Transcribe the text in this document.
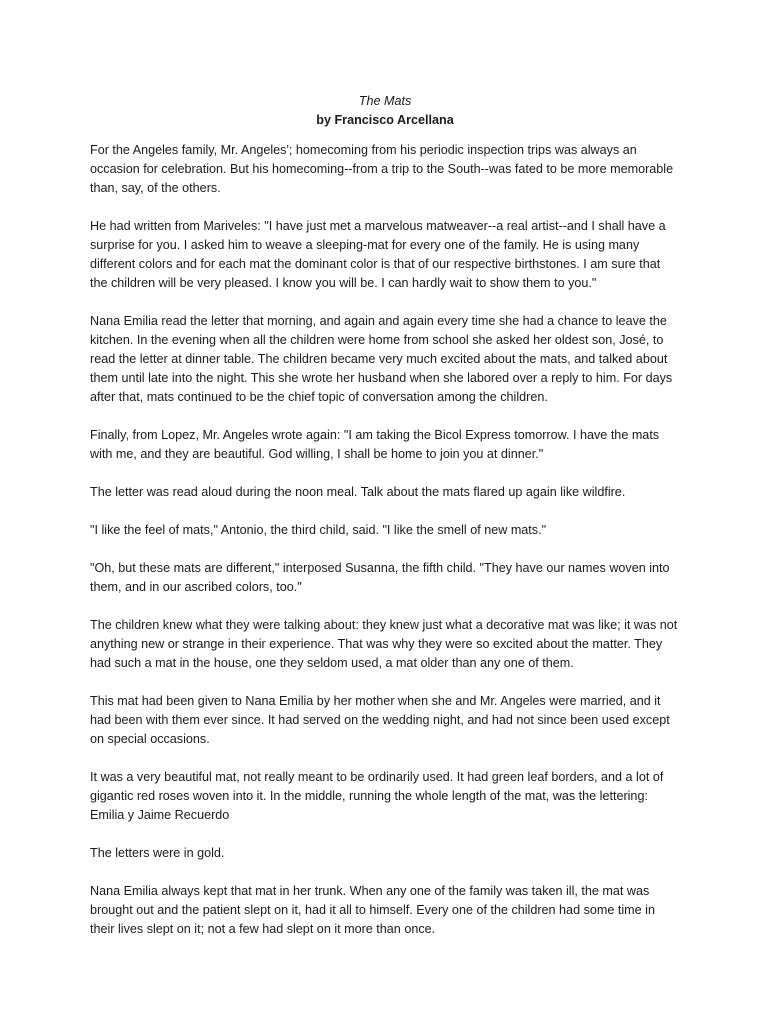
The Mats

by Francisco Arcellana

For the Angeles family, Mr. Angeles'; homecoming from his periodic inspection trips was always an occasion for celebration. But his homecoming--from a trip to the South--was fated to be more memorable than, say, of the others.

He had written from Mariveles: "I have just met a marvelous matweaver--a real artist--and I shall have a surprise for you. I asked him to weave a sleeping-mat for every one of the family. He is using many different colors and for each mat the dominant color is that of our respective birthstones. I am sure that the children will be very pleased. I know you will be. I can hardly wait to show them to you."

Nana Emilia read the letter that morning, and again and again every time she had a chance to leave the kitchen. In the evening when all the children were home from school she asked her oldest son, José, to read the letter at dinner table. The children became very much excited about the mats, and talked about them until late into the night. This she wrote her husband when she labored over a reply to him. For days after that, mats continued to be the chief topic of conversation among the children.

Finally, from Lopez, Mr. Angeles wrote again: "I am taking the Bicol Express tomorrow. I have the mats with me, and they are beautiful. God willing, I shall be home to join you at dinner."

The letter was read aloud during the noon meal. Talk about the mats flared up again like wildfire.

"I like the feel of mats," Antonio, the third child, said. "I like the smell of new mats."

"Oh, but these mats are different," interposed Susanna, the fifth child. "They have our names woven into them, and in our ascribed colors, too."

The children knew what they were talking about: they knew just what a decorative mat was like; it was not anything new or strange in their experience. That was why they were so excited about the matter. They had such a mat in the house, one they seldom used, a mat older than any one of them.

This mat had been given to Nana Emilia by her mother when she and Mr. Angeles were married, and it had been with them ever since. It had served on the wedding night, and had not since been used except on special occasions.

It was a very beautiful mat, not really meant to be ordinarily used. It had green leaf borders, and a lot of gigantic red roses woven into it. In the middle, running the whole length of the mat, was the lettering:

Emilia y Jaime Recuerdo

The letters were in gold.

Nana Emilia always kept that mat in her trunk. When any one of the family was taken ill, the mat was brought out and the patient slept on it, had it all to himself. Every one of the children had some time in their lives slept on it; not a few had slept on it more than once.
